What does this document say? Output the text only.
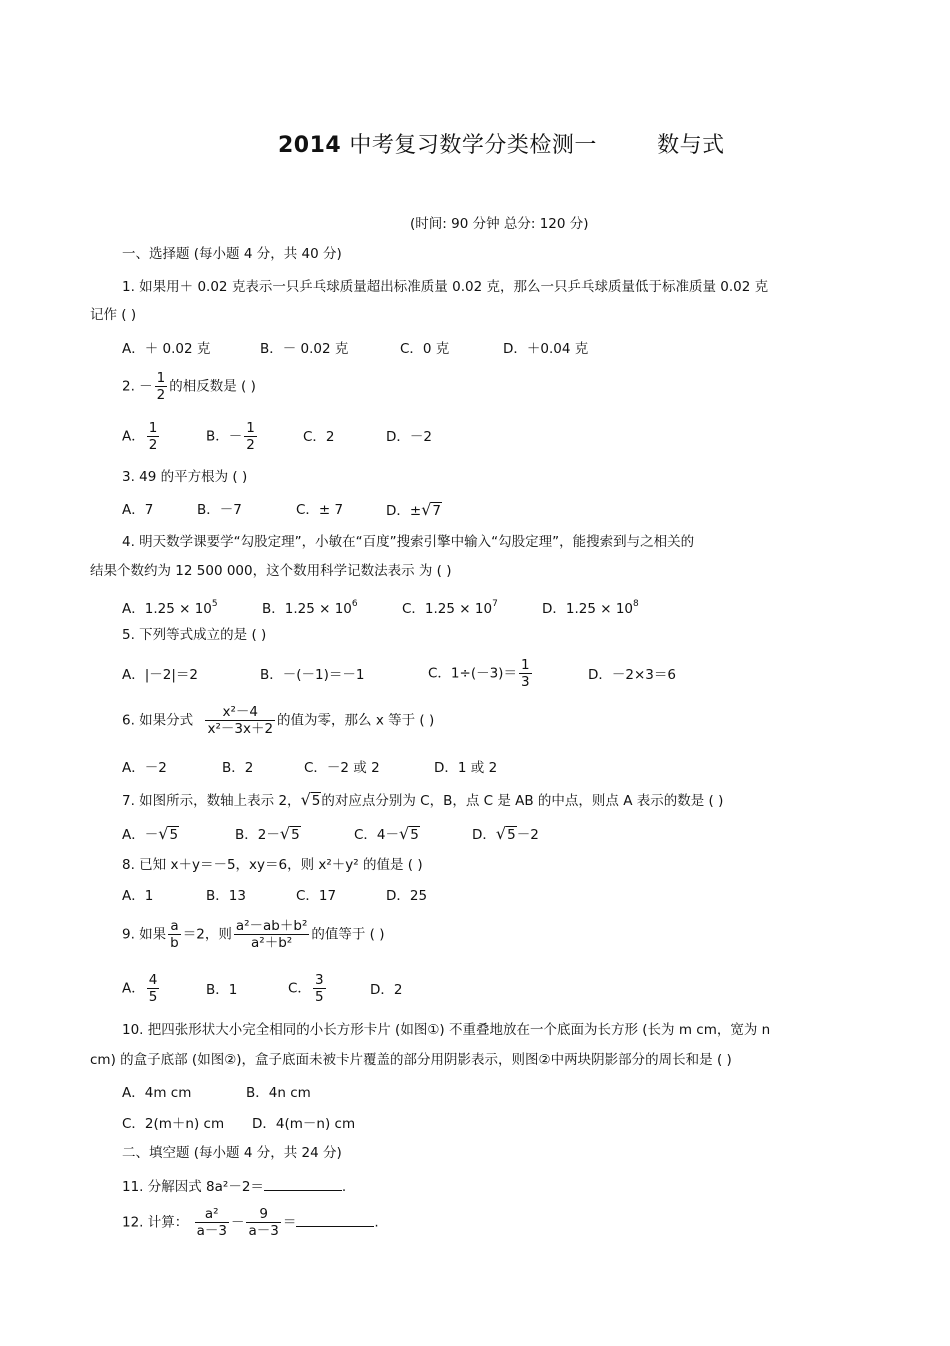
2014 中考复习数学分类检测一	数与式
(时间: 90 分钟 总分: 120 分)
一、选择题 (每小题 4 分，共 40 分)
1. 如果用＋ 0.02 克表示一只乒乓球质量超出标准质量 0.02 克，那么一只乒乓球质量低于标准质量 0.02 克
记作 ( )
A．＋ 0.02 克	B．－ 0.02 克	C．0 克	D．＋0.04 克
2. － $\frac{1}{2}$ 的相反数是 ( )
A． $\frac{1}{2}$	B．－ $\frac{1}{2}$	C．2	D．－2
3. 49 的平方根为 ( )
A．7	B．－7	C．± 7	D．±√7
4. 明天数学课要学“勾股定理”，小敏在“百度”搜索引擎中输入“勾股定理”，能搜索到与之相关的
结果个数约为 12 500 000，这个数用科学记数法表示 为 ( )
A．$1.25 \times 10^5$	B．$1.25 \times 10^6$	C．$1.25 \times 10^7$	D．$1.25 \times 10^8$
5. 下列等式成立的是 ( )
A．|－2|＝2	B．－(－1)＝－1	C．$1\div(-3)= \frac{1}{3}$	D．－2×3＝6
6. 如果分式 $\frac{\text{x²－4}}{\text{x²－3x＋2}}$ 的值为零，那么 x 等于 ( )
A．－2	B．2	C．－2 或 2	D．1 或 2
7. 如图所示，数轴上表示 2，√5的对应点分别为 C，B，点 C 是 AB 的中点，则点 A 表示的数是 ( )
A．－√5	B．2－√5	C．4－√5	D．√5－2
8. 已知 x＋y＝－5，xy＝6，则 x²＋y² 的值是 ( )
A．1	B．13	C．17	D．25
9. 如果 $\frac{a}{b} =2$，则 $\frac{\text{a²－ab＋b²}}{\text{a²＋b²}}$ 的值等于 ( )
A． $\frac{4}{5}$	B．1	C． $\frac{3}{5}$	D．2
10. 把四张形状大小完全相同的小长方形卡片 (如图①) 不重叠地放在一个底面为长方形 (长为 m cm，宽为 n
cm) 的盒子底部 (如图②)，盒子底面未被卡片覆盖的部分用阴影表示，则图②中两块阴影部分的周长和是 ( )
A．4m cm	B．4n cm
C．2(m＋n) cm D．4(m－n) cm
二、填空题 (每小题 4 分，共 24 分)
11. 分解因式 8a²－2＝	.
12. 计算： $\frac{\text{a²}}{a-3} - \frac{9}{a-3}$ ＝	.
